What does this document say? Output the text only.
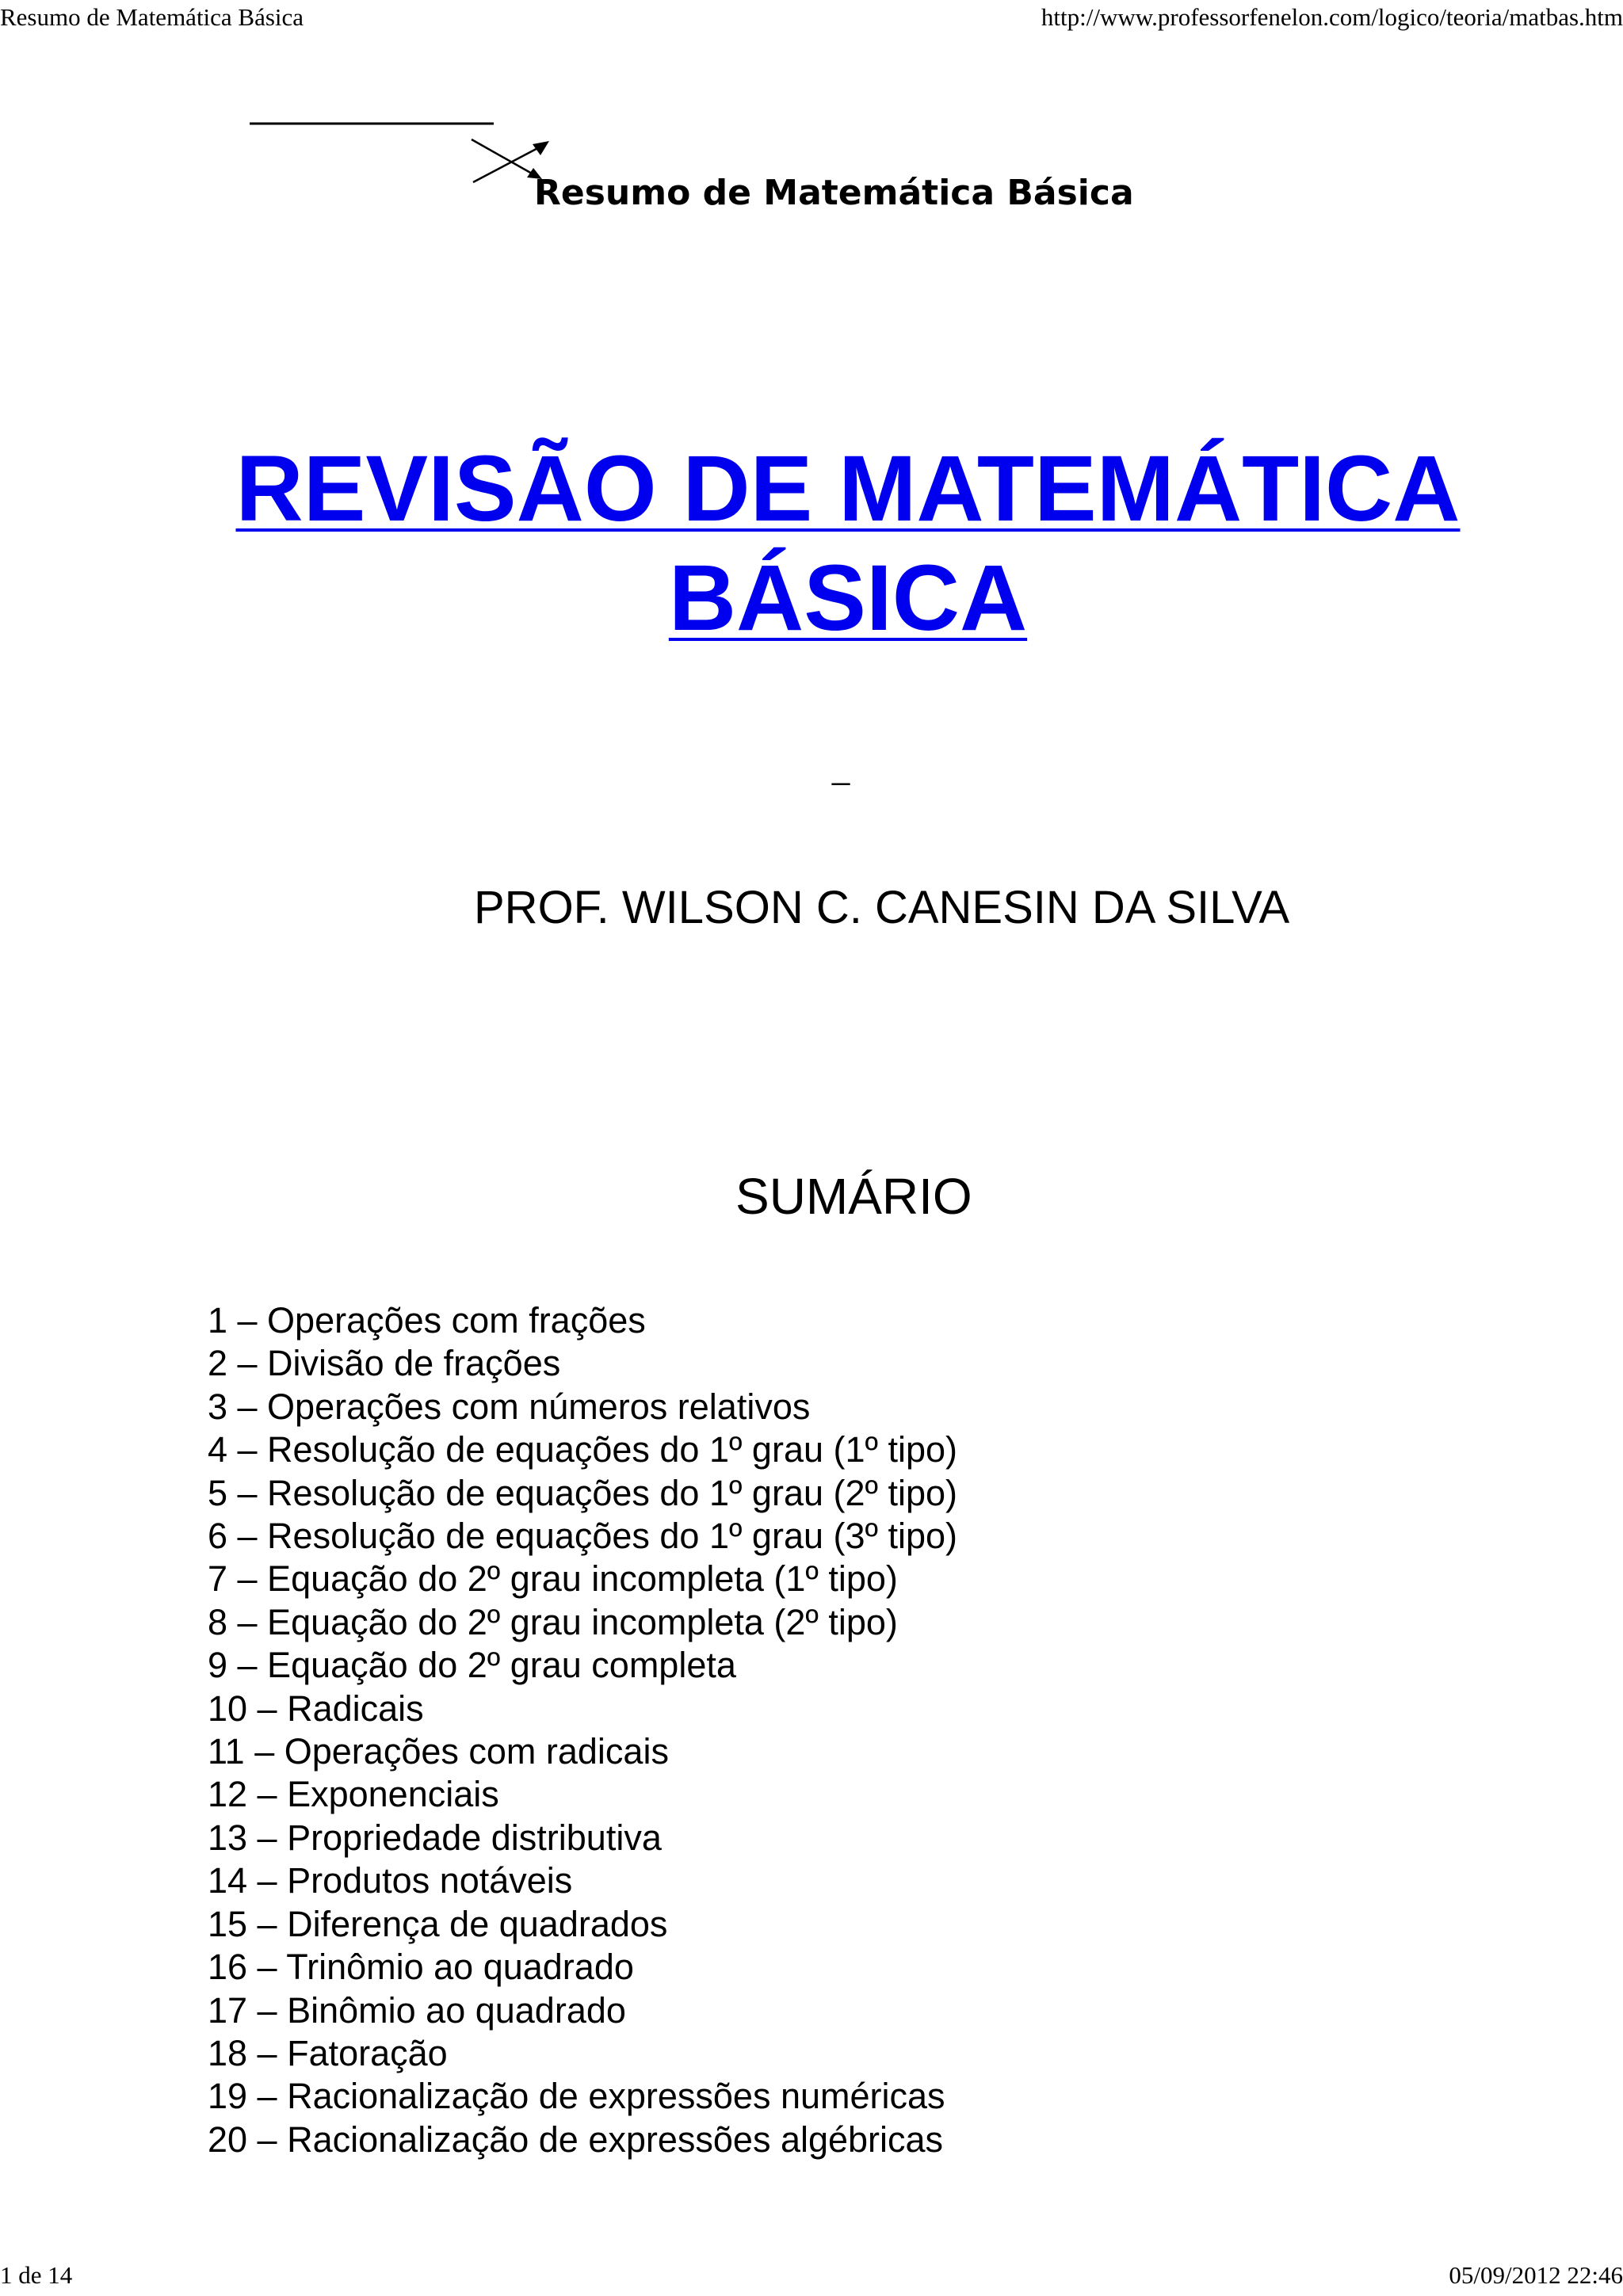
Resumo de Matemática Básica	http://www.professorfenelon.com/logico/teoria/matbas.htm
Resumo de Matemática Básica
REVISÃO DE MATEMÁTICA
BÁSICA
_
PROF. WILSON C. CANESIN DA SILVA
SUMÁRIO
1 – Operações com frações
2 – Divisão de frações
3 – Operações com números relativos
4 – Resolução de equações do 1º grau (1º tipo)
5 – Resolução de equações do 1º grau (2º tipo)
6 – Resolução de equações do 1º grau (3º tipo)
7 – Equação do 2º grau incompleta (1º tipo)
8 – Equação do 2º grau incompleta (2º tipo)
9 – Equação do 2º grau completa
10 – Radicais
11 – Operações com radicais
12 – Exponenciais
13 – Propriedade distributiva
14 – Produtos notáveis
15 – Diferença de quadrados
16 – Trinômio ao quadrado
17 – Binômio ao quadrado
18 – Fatoração
19 – Racionalização de expressões numéricas
20 – Racionalização de expressões algébricas
1 de 14	05/09/2012 22:46
